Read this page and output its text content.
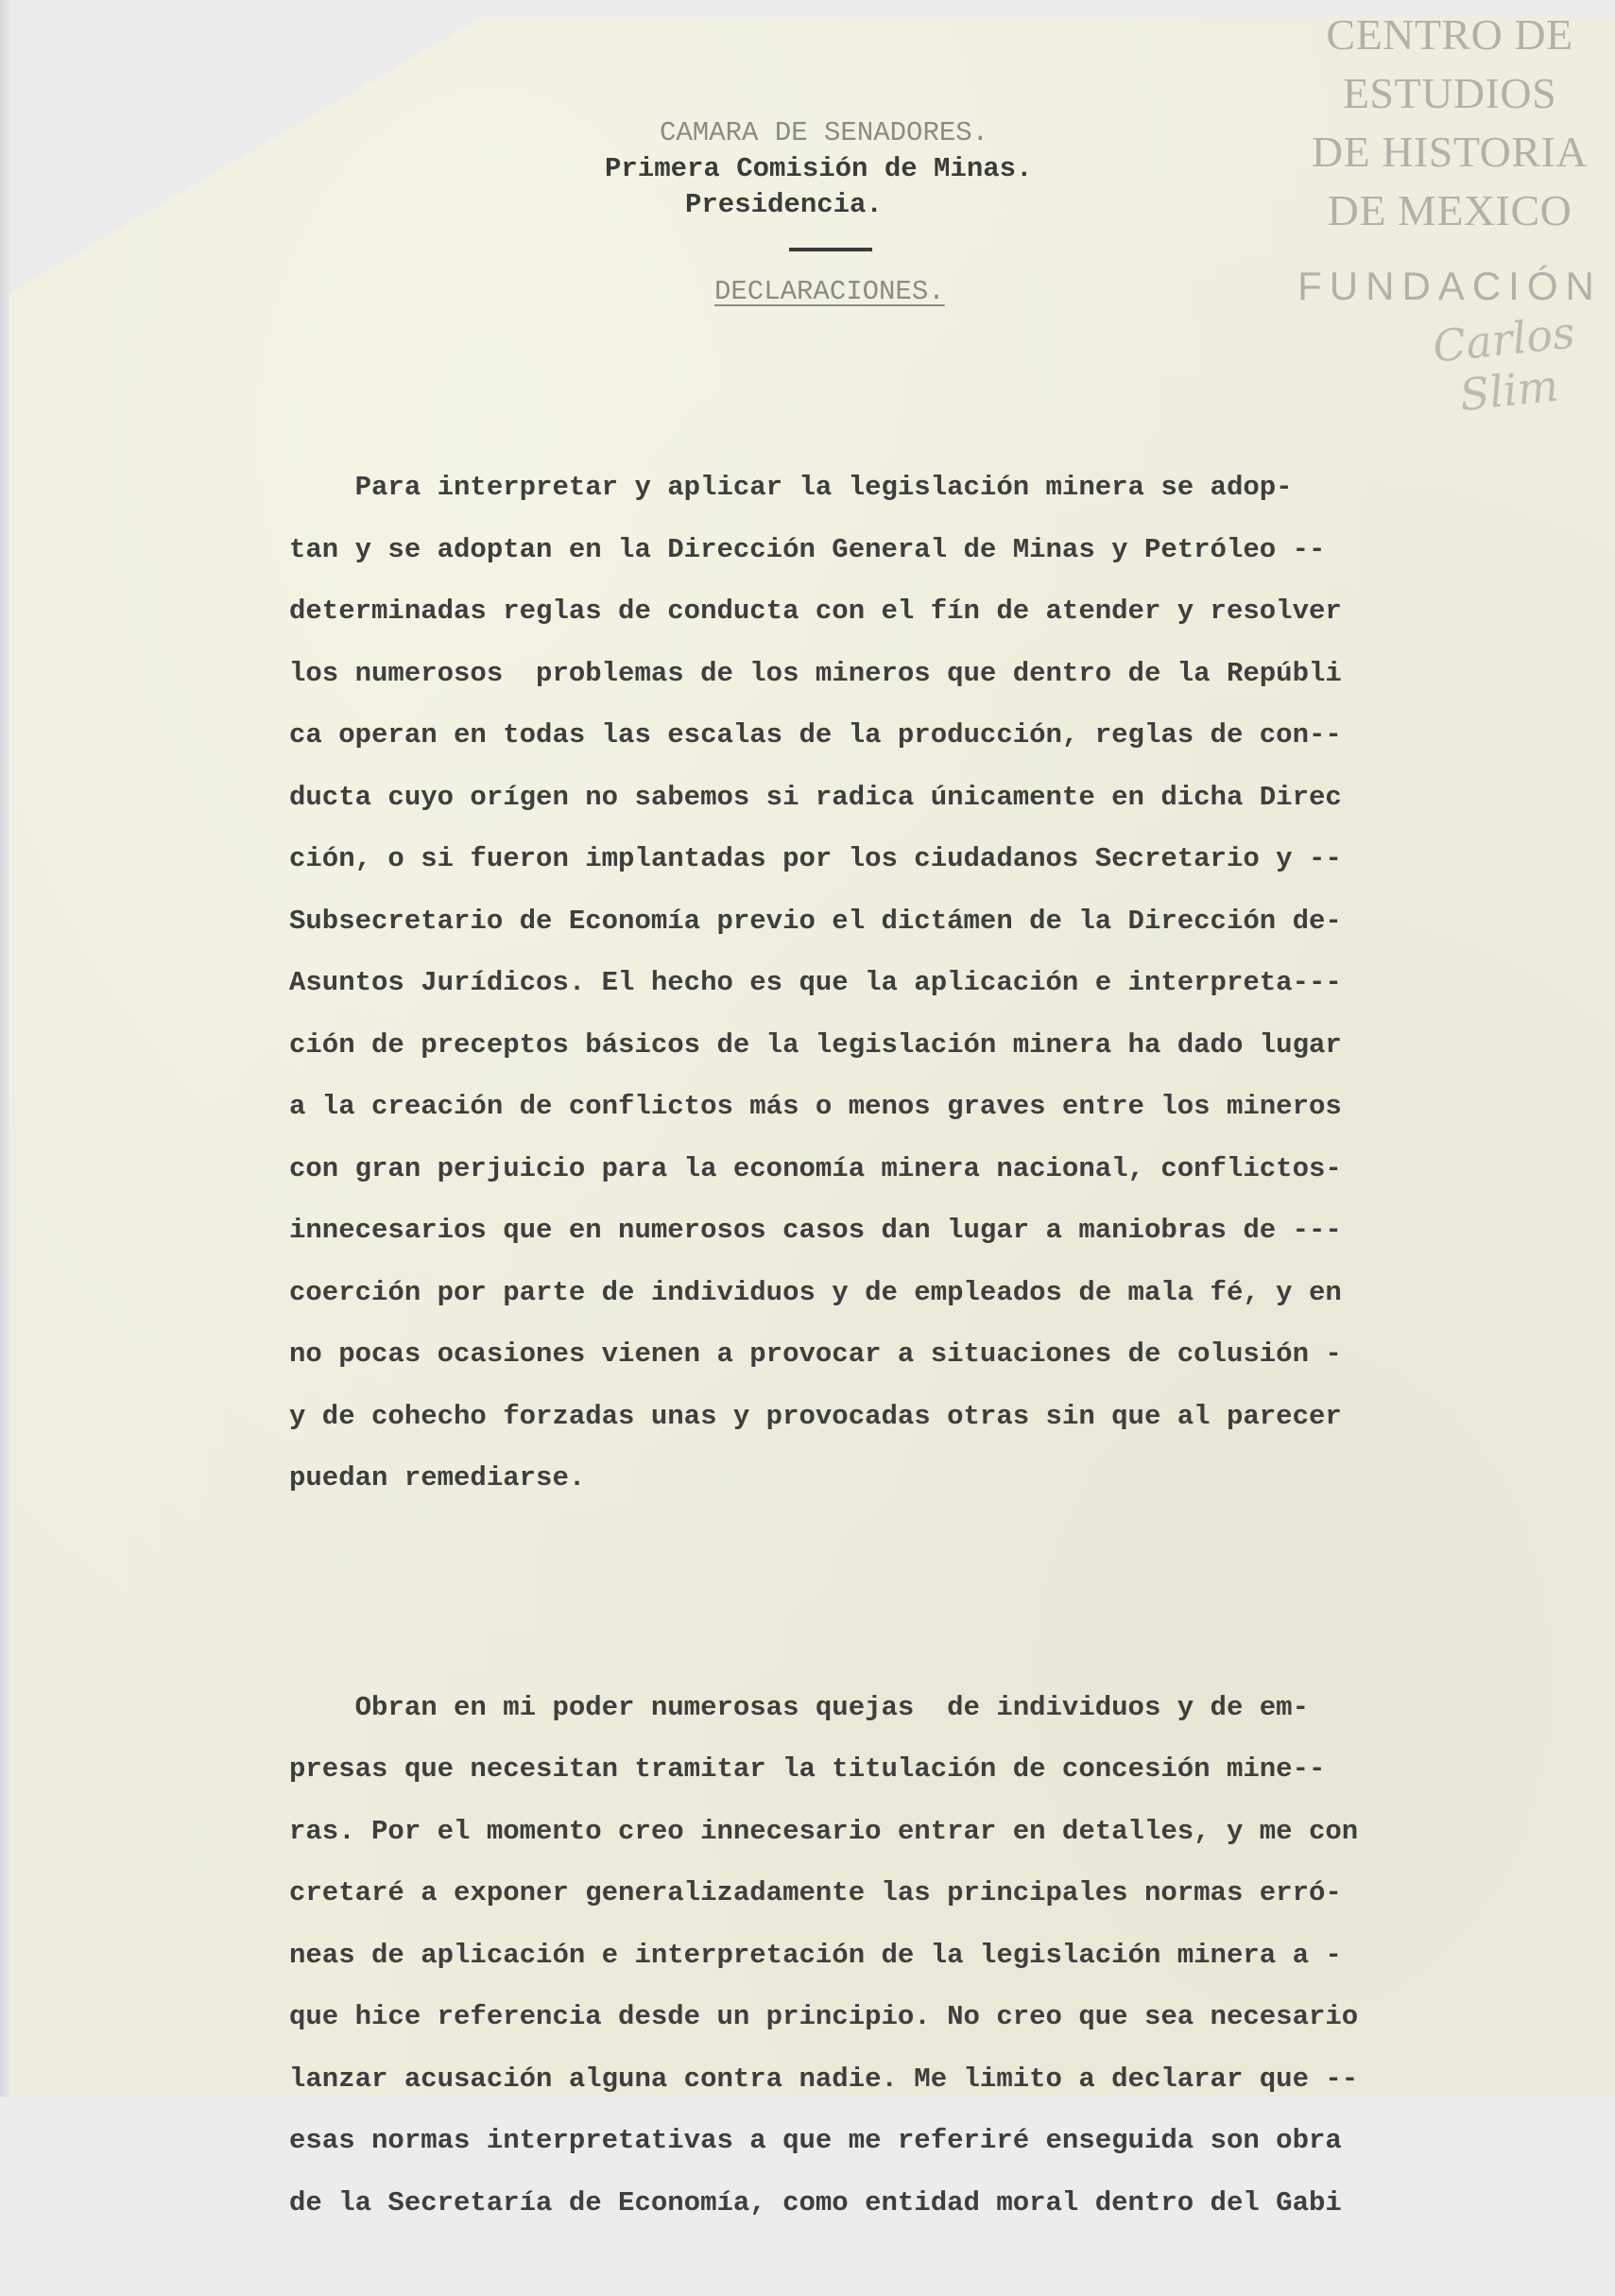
CENTRO DE
ESTUDIOS
DE HISTORIA
DE MEXICO
FUNDACIÓN
Carlos Slim
CAMARA DE SENADORES.
Primera Comisión de Minas.
Presidencia.
DECLARACIONES.

Para interpretar y aplicar la legislación minera se adop-
tan y se adoptan en la Dirección General de Minas y Petróleo --
determinadas reglas de conducta con el fín de atender y resolver
los numerosos  problemas de los mineros que dentro de la Repúbli
ca operan en todas las escalas de la producción, reglas de con--
ducta cuyo orígen no sabemos si radica únicamente en dicha Direc
ción, o si fueron implantadas por los ciudadanos Secretario y --
Subsecretario de Economía previo el dictámen de la Dirección de-
Asuntos Jurídicos. El hecho es que la aplicación e interpreta---
ción de preceptos básicos de la legislación minera ha dado lugar
a la creación de conflictos más o menos graves entre los mineros
con gran perjuicio para la economía minera nacional, conflictos-
innecesarios que en numerosos casos dan lugar a maniobras de ---
coerción por parte de individuos y de empleados de mala fé, y en
no pocas ocasiones vienen a provocar a situaciones de colusión -
y de cohecho forzadas unas y provocadas otras sin que al parecer
puedan remediarse.

Obran en mi poder numerosas quejas  de individuos y de em-
presas que necesitan tramitar la titulación de concesión mine--
ras. Por el momento creo innecesario entrar en detalles, y me con
cretaré a exponer generalizadamente las principales normas erró-
neas de aplicación e interpretación de la legislación minera a -
que hice referencia desde un principio. No creo que sea necesario
lanzar acusación alguna contra nadie. Me limito a declarar que --
esas normas interpretativas a que me referiré enseguida son obra
de la Secretaría de Economía, como entidad moral dentro del Gabi
